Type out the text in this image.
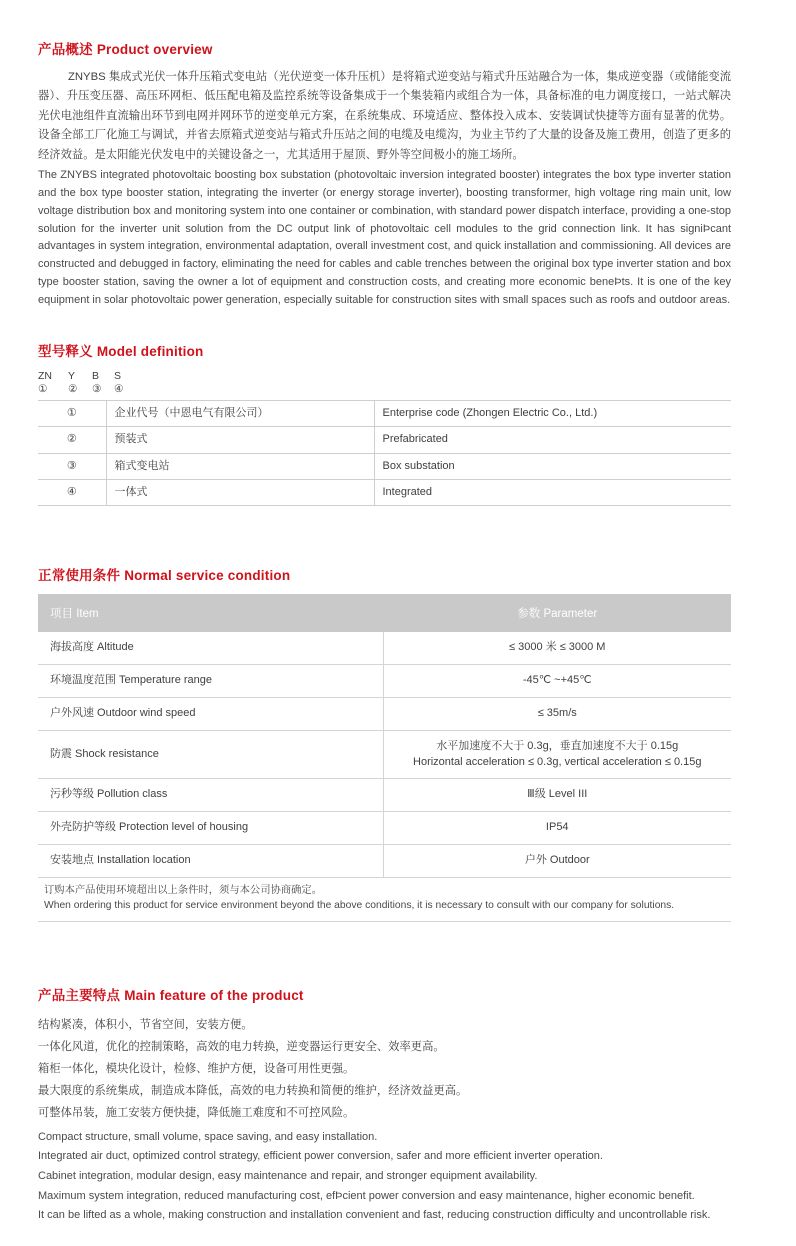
产品概述 Product overview

ZNYBS 集成式光伏一体升压箱式变电站（光伏逆变一体升压机）是将箱式逆变站与箱式升压站融合为一体，集成逆变器（或储能变流器）、升压变压器、高压环网柜、低压配电箱及监控系统等设备集成于一个集装箱内或组合为一体，具备标准的电力调度接口，一站式解决光伏电池组件直流输出环节到电网并网环节的逆变单元方案，在系统集成、环境适应、整体投入成本、安装调试快捷等方面有显著的优势。设备全部工厂化施工与调试，并省去原箱式逆变站与箱式升压站之间的电缆及电缆沟，为业主节约了大量的设备及施工费用，创造了更多的经济效益。是太阳能光伏发电中的关键设备之一，尤其适用于屋顶、野外等空间极小的施工场所。

The ZNYBS integrated photovoltaic boosting box substation (photovoltaic inversion integrated booster) integrates the box type inverter station and the box type booster station, integrating the inverter (or energy storage inverter), boosting transformer, high voltage ring main unit, low voltage distribution box and monitoring system into one container or combination, with standard power dispatch interface, providing a one-stop solution for the inverter unit solution from the DC output link of photovoltaic cell modules to the grid connection link. It has signiÞcant advantages in system integration, environmental adaptation, overall investment cost, and quick installation and commissioning. All devices are constructed and debugged in factory, eliminating the need for cables and cable trenches between the original box type inverter station and box type booster station, saving the owner a lot of equipment and construction costs, and creating more economic beneÞts. It is one of the key equipment in solar photovoltaic power generation, especially suitable for construction sites with small spaces such as roofs and outdoor areas.

型号释义 Model definition
ZN Y B S
① ② ③ ④
①	企业代号（中恩电气有限公司）	Enterprise code (Zhongen Electric Co., Ltd.)
②	预装式	Prefabricated
③	箱式变电站	Box substation
④	一体式	Integrated
正常使用条件 Normal service condition
项目 Item	参数 Parameter
海拔高度 Altitude	≤ 3000 米 ≤ 3000 M
环境温度范围 Temperature range	-45℃ ~+45℃
户外风速 Outdoor wind speed	≤ 35m/s
防震 Shock resistance	水平加速度不大于 0.3g，垂直加速度不大于 0.15g
Horizontal acceleration ≤ 0.3g, vertical acceleration ≤ 0.15g

污秒等级 Pollution class	Ⅲ级 Level III
外壳防护等级 Protection level of housing	IP54
安装地点 Installation location	户外 Outdoor

订购本产品使用环境超出以上条件时，须与本公司协商确定。
When ordering this product for service environment beyond the above conditions, it is necessary to consult with our company for solutions.	
产品主要特点 Main feature of the product

结构紧凑，体积小，节省空间，安装方便。

一体化风道，优化的控制策略，高效的电力转换，逆变器运行更安全、效率更高。

箱柜一体化，模块化设计，检修、维护方便，设备可用性更强。

最大限度的系统集成，制造成本降低，高效的电力转换和简便的维护，经济效益更高。

可整体吊装，施工安装方便快捷，降低施工难度和不可控风险。

Compact structure, small volume, space saving, and easy installation.

Integrated air duct, optimized control strategy, efficient power conversion, safer and more efficient inverter operation.

Cabinet integration, modular design, easy maintenance and repair, and stronger equipment availability.

Maximum system integration, reduced manufacturing cost, efÞcient power conversion and easy maintenance, higher economic benefit.

It can be lifted as a whole, making construction and installation convenient and fast, reducing construction difficulty and uncontrollable risk.
